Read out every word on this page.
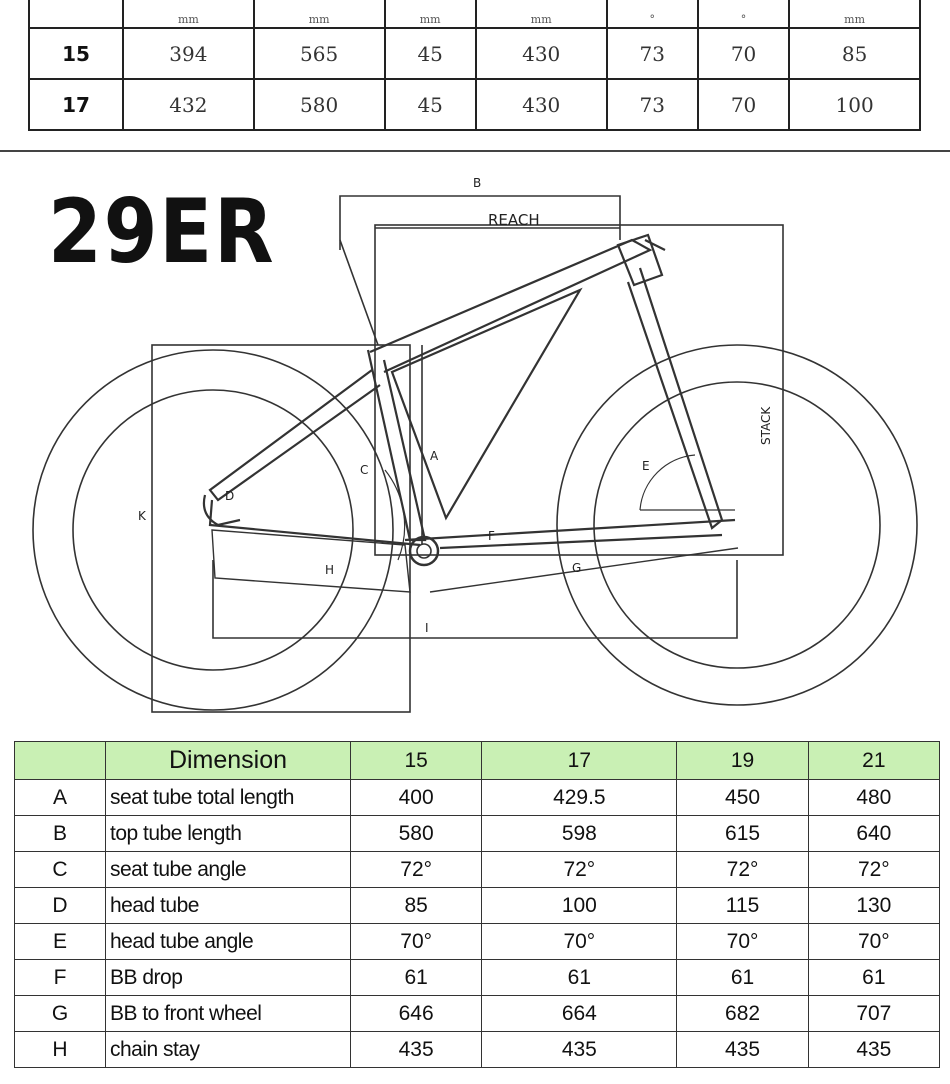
	mm	mm	mm	mm	°	°	mm
15	394	565	45	430	73	70	85
17	432	580	45	430	73	70	100
29ER	B
REACH
STACK
A
C
D
E
F
G
H
I
K
	Dimension	15	17	19	21
A	seat tube total length	400	429.5	450	480
B	top tube length	580	598	615	640
C	seat tube angle	72°	72°	72°	72°
D	head tube	85	100	115	130
E	head tube angle	70°	70°	70°	70°
F	BB drop	61	61	61	61
G	BB to front wheel	646	664	682	707
H	chain stay	435	435	435	435
